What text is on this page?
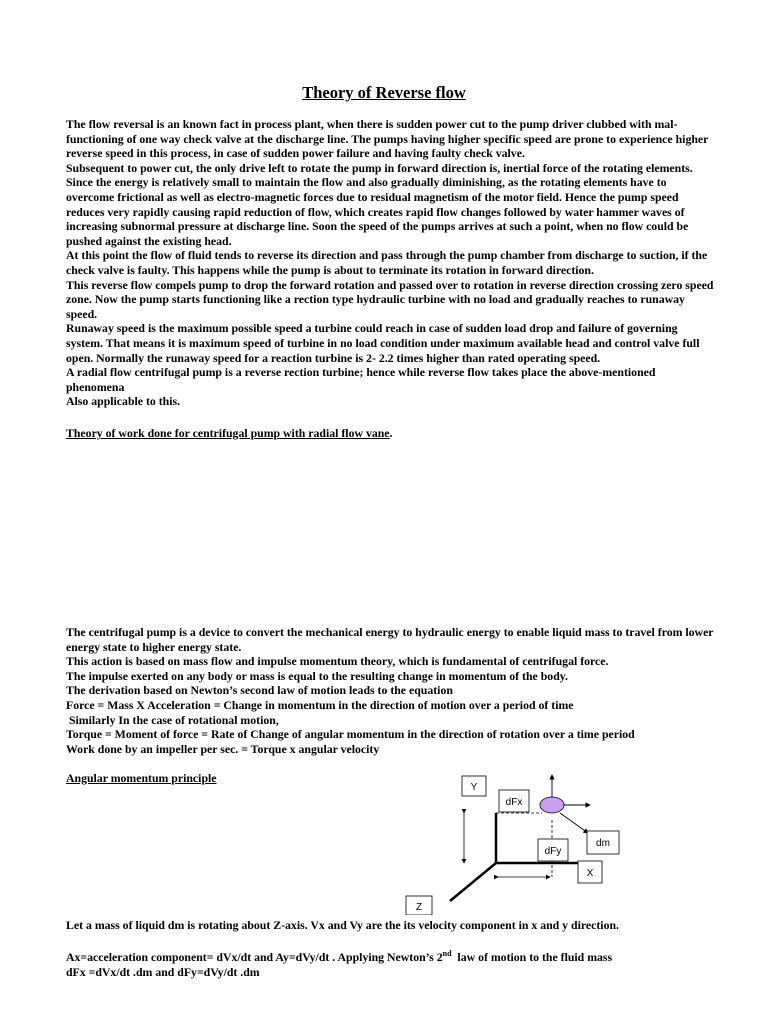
Theory of Reverse flow

The flow reversal is an known fact in process plant, when there is sudden power cut to the pump driver clubbed with mal-functioning of one way check valve at the discharge line. The pumps having higher specific speed are prone to experience higher reverse speed in this process, in case of sudden power failure and having faulty check valve.

Subsequent to power cut, the only drive left to rotate the pump in forward direction is, inertial force of the rotating elements. Since the energy is relatively small to maintain the flow and also gradually diminishing, as the rotating elements have to overcome frictional as well as electro-magnetic forces due to residual magnetism of the motor field. Hence the pump speed reduces very rapidly causing rapid reduction of flow, which creates rapid flow changes followed by water hammer waves of increasing subnormal pressure at discharge line. Soon the speed of the pumps arrives at such a point, when no flow could be pushed against the existing head.

At this point the flow of fluid tends to reverse its direction and pass through the pump chamber from discharge to suction, if the check valve is faulty. This happens while the pump is about to terminate its rotation in forward direction.

This reverse flow compels pump to drop the forward rotation and passed over to rotation in reverse direction crossing zero speed zone. Now the pump starts functioning like a rection type hydraulic turbine with no load and gradually reaches to runaway speed.

Runaway speed is the maximum possible speed a turbine could reach in case of sudden load drop and failure of governing system. That means it is maximum speed of turbine in no load condition under maximum available head and control valve full open. Normally the runaway speed for a reaction turbine is 2- 2.2 times higher than rated operating speed.

A radial flow centrifugal pump is a reverse rection turbine; hence while reverse flow takes place the above-mentioned phenomena

Also applicable to this.

Theory of work done for centrifugal pump with radial flow vane.

The centrifugal pump is a device to convert the mechanical energy to hydraulic energy to enable liquid mass to travel from lower energy state to higher energy state.

This action is based on mass flow and impulse momentum theory, which is fundamental of centrifugal force.

The impulse exerted on any body or mass is equal to the resulting change in momentum of the body.

The derivation based on Newton’s second law of motion leads to the equation

Force = Mass X Acceleration = Change in momentum in the direction of motion over a period of time

Similarly In the case of rotational motion,

Torque = Moment of force = Rate of Change of angular momentum in the direction of rotation over a time period

Work done by an impeller per sec. = Torque x angular velocity

Angular momentum principle
Y
dFx
dm
dFy
X
Z

Let a mass of liquid dm is rotating about Z-axis. Vx and Vy are the its velocity component in x and y direction.

Ax=acceleration component= dVx/dt and Ay=dVy/dt . Applying Newton’s 2nd  law of motion to the fluid mass

dFx =dVx/dt .dm and dFy=dVy/dt .dm
